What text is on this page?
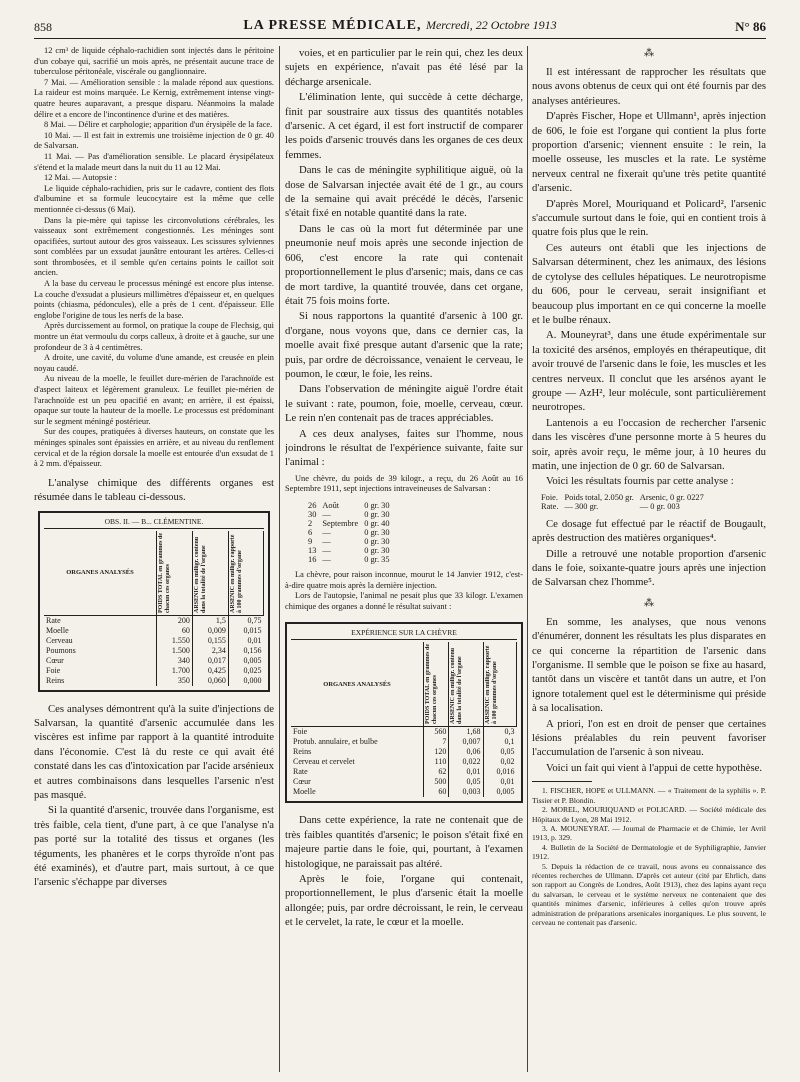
858	LA PRESSE MÉDICALE, Mercredi, 22 Octobre 1913	N° 86

12 cm³ de liquide céphalo-rachidien sont injectés dans le péritoine d'un cobaye qui, sacrifié un mois après, ne présentait aucune trace de tuberculose péritonéale, viscérale ou ganglionnaire.

7 Mai. — Amélioration sensible : la malade répond aux questions. La raideur est moins marquée. Le Kernig, extrêmement intense vingt-quatre heures auparavant, a presque disparu. Néanmoins la malade délire et a encore de l'incontinence d'urine et des matières.

8 Mai. — Délire et carphologie; apparition d'un érysipèle de la face.

10 Mai. — Il est fait in extremis une troisième injection de 0 gr. 40 de Salvarsan.

11 Mai. — Pas d'amélioration sensible. Le placard érysipélateux s'étend et la malade meurt dans la nuit du 11 au 12 Mai.

12 Mai. — Autopsie :

Le liquide céphalo-rachidien, pris sur le cadavre, contient des flots d'albumine et sa formule leucocytaire est la même que celle mentionnée ci-dessus (6 Mai).

Dans la pie-mère qui tapisse les circonvolutions cérébrales, les vaisseaux sont extrêmement congestionnés. Les méninges sont opacifiées, surtout autour des gros vaisseaux. Les scissures sylviennes sont comblées par un exsudat jaunâtre entourant les artères. Celles-ci sont thrombosées, et il semble qu'en certains points le caillot soit ancien.

A la base du cerveau le processus méningé est encore plus intense. La couche d'exsudat a plusieurs millimètres d'épaisseur et, en quelques points (chiasma, pédoncules), elle a près de 1 cent. d'épaisseur. Elle englobe l'origine de tous les nerfs de la base.

Après durcissement au formol, on pratique la coupe de Flechsig, qui montre un état vermoulu du corps calleux, à droite et à gauche, sur une profondeur de 3 à 4 centimètres.

A droite, une cavité, du volume d'une amande, est creusée en plein noyau caudé.

Au niveau de la moelle, le feuillet dure-mérien de l'arachnoïde est d'aspect laiteux et légèrement granuleux. Le feuillet pie-mérien de l'arachnoïde est un peu opacifié en avant; en arrière, il est épaissi, opaque sur toute la hauteur de la moelle. Le processus est prédominant sur le segment méningé postérieur.

Sur des coupes, pratiquées à diverses hauteurs, on constate que les méninges spinales sont épaissies en arrière, et au niveau du renflement cervical et de la région dorsale la moelle est entourée d'un exsudat de 1 à 2 mm. d'épaisseur.

L'analyse chimique des différents organes est résumée dans le tableau ci-dessous.

OBS. II. — B... CLÉMENTINE.
ORGANES ANALYSÉS	POIDS TOTAL en grammes de chacun ces organes	ARSENIC en milligr. contenu dans la totalité de l'organe	ARSENIC en milligr. rapporté à 100 grammes d'organe

Rate	200	1,5	0,75
Moelle	60	0,009	0,015
Cerveau	1.550	0,155	0,01
Poumons	1.500	2,34	0,156
Cœur	340	0,017	0,005
Foie	1.700	0,425	0,025
Reins	350	0,060	0,000

Ces analyses démontrent qu'à la suite d'injections de Salvarsan, la quantité d'arsenic accumulée dans les viscères est infime par rapport à la quantité introduite dans l'économie. C'est là du reste ce qui avait été constaté dans les cas d'intoxication par l'acide arsénieux et autres combinaisons dans lesquelles l'arsenic n'est pas masqué.

Si la quantité d'arsenic, trouvée dans l'organisme, est très faible, cela tient, d'une part, à ce que l'analyse n'a pas porté sur la totalité des tissus et organes (les téguments, les phanères et le corps thyroïde n'ont pas été examinés), et d'autre part, mais surtout, à ce que l'arsenic s'échappe par diverses

voies, et en particulier par le rein qui, chez les deux sujets en expérience, n'avait pas été lésé par la décharge arsenicale.

L'élimination lente, qui succède à cette décharge, finit par soustraire aux tissus des quantités notables d'arsenic. A cet égard, il est fort instructif de comparer les poids d'arsenic trouvés dans les organes de ces deux femmes.

Dans le cas de méningite syphilitique aiguë, où la dose de Salvarsan injectée avait été de 1 gr., au cours de la semaine qui avait précédé le décès, l'arsenic s'était fixé en notable quantité dans la rate.

Dans le cas où la mort fut déterminée par une pneumonie neuf mois après une seconde injection de 606, c'est encore la rate qui contenait proportionnellement le plus d'arsenic; mais, dans ce cas de mort tardive, la quantité trouvée, dans cet organe, était 75 fois moins forte.

Si nous rapportons la quantité d'arsenic à 100 gr. d'organe, nous voyons que, dans ce dernier cas, la moelle avait fixé presque autant d'arsenic que la rate; puis, par ordre de décroissance, venaient le cerveau, le poumon, le cœur, le foie, les reins.

Dans l'observation de méningite aiguë l'ordre était le suivant : rate, poumon, foie, moelle, cerveau, cœur. Le rein n'en contenait pas de traces appréciables.

A ces deux analyses, faites sur l'homme, nous joindrons le résultat de l'expérience suivante, faite sur l'animal :

Une chèvre, du poids de 39 kilogr., a reçu, du 26 Août au 16 Septembre 1911, sept injections intraveineuses de Salvarsan :

26	Août	0 gr. 30
30	—	0 gr. 30
2	Septembre	0 gr. 40
6	—	0 gr. 30
9	—	0 gr. 30
13	—	0 gr. 30
16	—	0 gr. 35

La chèvre, pour raison inconnue, mourut le 14 Janvier 1912, c'est-à-dire quatre mois après la dernière injection.

Lors de l'autopsie, l'animal ne pesait plus que 33 kilogr. L'examen chimique des organes a donné le résultat suivant :

EXPÉRIENCE SUR LA CHÈVRE
ORGANES ANALYSÉS	POIDS TOTAL en grammes de chacun ces organes	ARSENIC en milligr. contenu dans la totalité de l'organe	ARSENIC en milligr. rapporté à 100 grammes d'organe

Foie	560	1,68	0,3
Protub. annulaire, et bulbe	7	0,007	0,1
Reins	120	0,06	0,05
Cerveau et cervelet	110	0,022	0,02
Rate	62	0,01	0,016
Cœur	500	0,05	0,01
Moelle	60	0,003	0,005

Dans cette expérience, la rate ne contenait que de très faibles quantités d'arsenic; le poison s'était fixé en majeure partie dans le foie, qui, pourtant, à l'examen histologique, ne paraissait pas altéré.

Après le foie, l'organe qui contenait, proportionnellement, le plus d'arsenic était la moelle allongée; puis, par ordre décroissant, le rein, le cerveau et le cervelet, la rate, le cœur et la moelle.

⁂

Il est intéressant de rapprocher les résultats que nous avons obtenus de ceux qui ont été fournis par des analyses antérieures.

D'après Fischer, Hope et Ullmann¹, après injection de 606, le foie est l'organe qui contient la plus forte proportion d'arsenic; viennent ensuite : le rein, la moelle osseuse, les muscles et la rate. Le système nerveux central ne fixerait qu'une très petite quantité d'arsenic.

D'après Morel, Mouriquand et Policard², l'arsenic s'accumule surtout dans le foie, qui en contient trois à quatre fois plus que le rein.

Ces auteurs ont établi que les injections de Salvarsan déterminent, chez les animaux, des lésions de cytolyse des cellules hépatiques. Le neurotropisme du 606, pour le cerveau, serait insignifiant et beaucoup plus important en ce qui concerne la moelle et le bulbe rénaux.

A. Mouneyrat³, dans une étude expérimentale sur la toxicité des arsénos, employés en thérapeutique, dit avoir trouvé de l'arsenic dans le foie, les muscles et les centres nerveux. Il conclut que les arsénos ayant le groupe — AzH², leur molécule, sont particulièrement neurotropes.

Lantenois a eu l'occasion de rechercher l'arsenic dans les viscères d'une personne morte à 5 heures du soir, après avoir reçu, le même jour, à 10 heures du matin, une injection de 0 gr. 60 de Salvarsan.

Voici les résultats fournis par cette analyse :

Foie.	Poids total, 2.050 gr.	Arsenic, 0 gr. 0227
Rate.	— 300 gr.	— 0 gr. 003

Ce dosage fut effectué par le réactif de Bougault, après destruction des matières organiques⁴.

Dille a retrouvé une notable proportion d'arsenic dans le foie, soixante-quatre jours après une injection de Salvarsan chez l'homme⁵.

⁂

En somme, les analyses, que nous venons d'énumérer, donnent les résultats les plus disparates en ce qui concerne la répartition de l'arsenic dans l'organisme. Il semble que le poison se fixe au hasard, tantôt dans un viscère et tantôt dans un autre, et l'on ignore totalement quel est le déterminisme qui préside à sa localisation.

A priori, l'on est en droit de penser que certaines lésions préalables du rein peuvent favoriser l'accumulation de l'arsenic à son niveau.

Voici un fait qui vient à l'appui de cette hypothèse.

1. FISCHER, HOPE et ULLMANN. — « Traitement de la syphilis ». P. Tissier et P. Blondin.

2. MOREL, MOURIQUAND et POLICARD. — Société médicale des Hôpitaux de Lyon, 28 Mai 1912.

3. A. MOUNEYRAT. — Journal de Pharmacie et de Chimie, 1er Avril 1913, p. 329.

4. Bulletin de la Société de Dermatologie et de Syphiligraphie, Janvier 1912.

5. Depuis la rédaction de ce travail, nous avons eu connaissance des récentes recherches de Ullmann. D'après cet auteur (cité par Ehrlich, dans son rapport au Congrès de Londres, Août 1913), chez des lapins ayant reçu du salvarsan, le cerveau et le système nerveux ne contenaient que des quantités minimes d'arsenic, inférieures à celles qu'on trouve après administration de préparations arsenicales inorganiques. Le plus souvent, le cerveau ne contenait pas d'arsenic.
